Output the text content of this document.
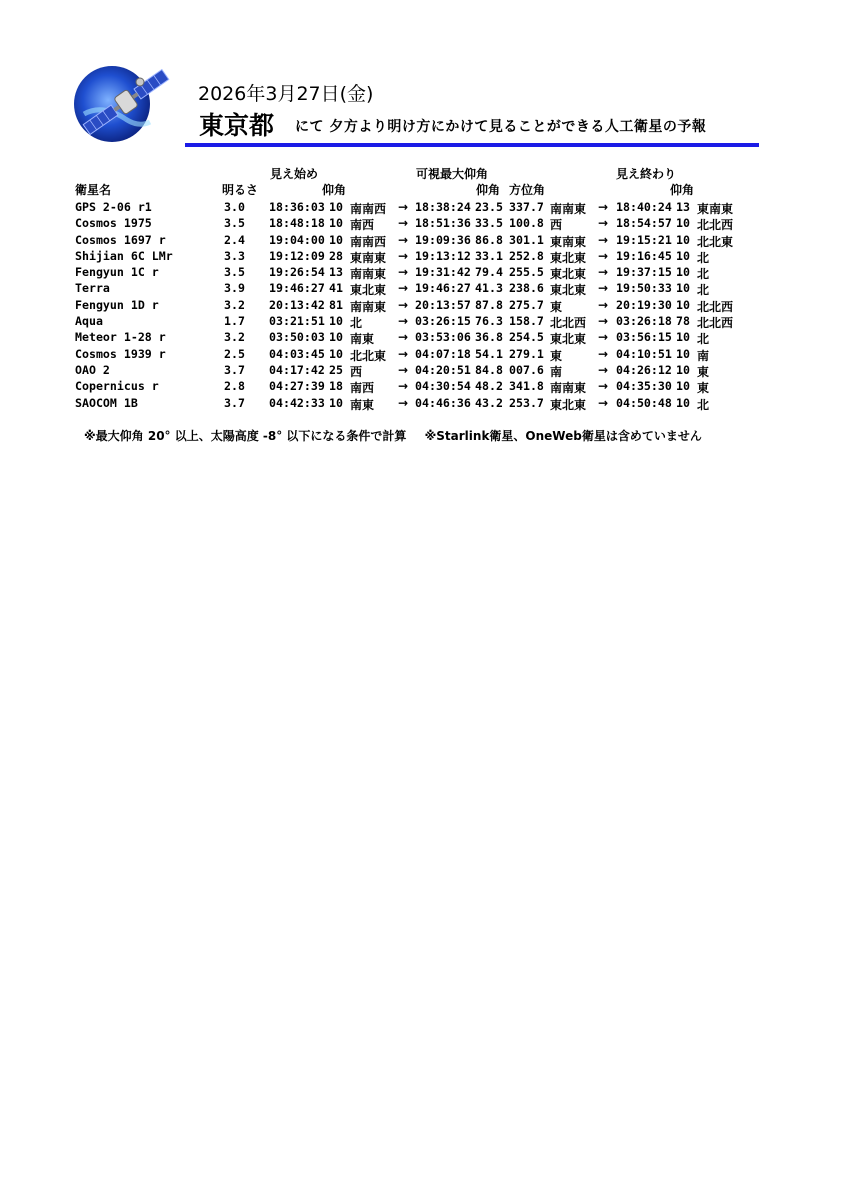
2026年3月27日(金)
東京都 にて 夕方より明け方にかけて見ることができる人工衛星の予報
見え始め	可視最大仰角	見え終わり
衛星名	明るさ	仰角	仰角 方位角	仰角
GPS 2-06 r1	3.0 18:36:03 10 南南西 → 18:38:24 23.5 337.7 南南東 → 18:40:24 13 東南東
Cosmos 1975	3.5 18:48:18 10 南西 → 18:51:36 33.5 100.8 西	→ 18:54:57 10 北北西
Cosmos 1697 r	2.4 19:04:00 10 南南西 → 19:09:36 86.8 301.1 東南東 → 19:15:21 10 北北東
Shijian 6C LMr	3.3 19:12:09 28 東南東 → 19:13:12 33.1 252.8 東北東 → 19:16:45 10 北
Fengyun 1C r	3.5 19:26:54 13 南南東 → 19:31:42 79.4 255.5 東北東 → 19:37:15 10 北
Terra	3.9 19:46:27 41 東北東 → 19:46:27 41.3 238.6 東北東 → 19:50:33 10 北
Fengyun 1D r	3.2 20:13:42 81 南南東 → 20:13:57 87.8 275.7 東	→ 20:19:30 10 北北西
Aqua	1.7 03:21:51 10 北	→ 03:26:15 76.3 158.7 北北西 → 03:26:18 78 北北西
Meteor 1-28 r	3.2 03:50:03 10 南東 → 03:53:06 36.8 254.5 東北東 → 03:56:15 10 北
Cosmos 1939 r	2.5 04:03:45 10 北北東 → 04:07:18 54.1 279.1 東	→ 04:10:51 10 南
OAO 2	3.7 04:17:42 25 西	→ 04:20:51 84.8 007.6 南	→ 04:26:12 10 東
Copernicus r	2.8 04:27:39 18 南西 → 04:30:54 48.2 341.8 南南東 → 04:35:30 10 東
SAOCOM 1B	3.7 04:42:33 10 南東 → 04:46:36 43.2 253.7 東北東 → 04:50:48 10 北
※最大仰角 20° 以上、太陽高度 -8° 以下になる条件で計算 ※Starlink衛星、OneWeb衛星は含めていません
